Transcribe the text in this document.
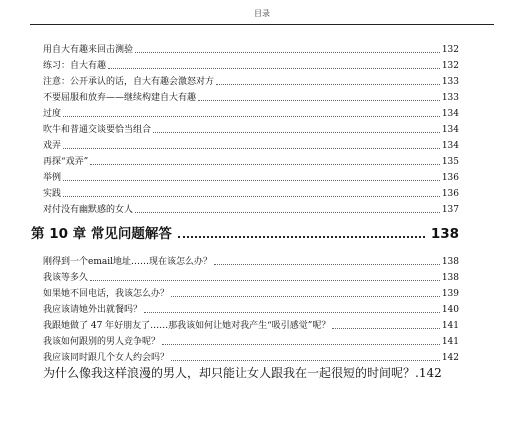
目录
用自大有趣来回击测验	132
练习：自大有趣	132
注意：公开承认的话，自大有趣会激怒对方	133
不要屈服和放弃——继续构建自大有趣	133
过度	134
吹牛和普通交谈要恰当组合	134
戏弄	134
再探“戏弄”	135
举例	136
实践	136
对付没有幽默感的女人	137
第 10 章 常见问题解答	138
刚得到一个email地址……现在该怎么办？	138
我该等多久	138
如果她不回电话，我该怎么办？	139
我应该请她外出就餐吗？	140
我跟她做了 47 年好朋友了……那我该如何让她对我产生“吸引感觉”呢？	141
我该如何跟别的男人竞争呢？	141
我应该同时跟几个女人约会吗？	142
为什么像我这样浪漫的男人，却只能让女人跟我在一起很短的时间呢？ .142
